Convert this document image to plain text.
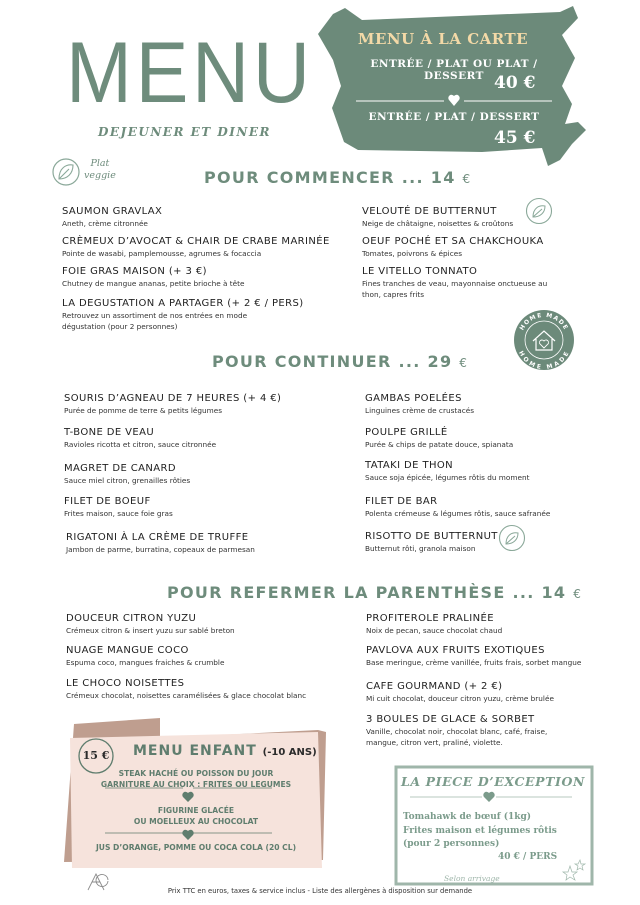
MENU
DEJEUNER ET DINER
MENU À LA CARTE
ENTRÉE / PLAT OU PLAT / DESSERT 40 €
ENTRÉE / PLAT / DESSERT
45 €
Plat
veggie
HOME MADE
HOME MADE
POUR COMMENCER ... 14 €
SAUMON GRAVLAX
Aneth, crème citronnée
CRÈMEUX D’AVOCAT & CHAIR DE CRABE MARINÉE
Pointe de wasabi, pamplemousse, agrumes & focaccia
FOIE GRAS MAISON (+ 3 €)
Chutney de mangue ananas, petite brioche à tête
LA DEGUSTATION A PARTAGER (+ 2 € / PERS)
Retrouvez un assortiment de nos entrées en mode
dégustation (pour 2 personnes)
VELOUTÉ DE BUTTERNUT
Neige de châtaigne, noisettes & croûtons
OEUF POCHÉ ET SA CHAKCHOUKA
Tomates, poivrons & épices
LE VITELLO TONNATO
Fines tranches de veau, mayonnaise onctueuse au
thon, capres frits
POUR CONTINUER ... 29 €
SOURIS D’AGNEAU DE 7 HEURES (+ 4 €)
Purée de pomme de terre & petits légumes
T-BONE DE VEAU
Ravioles ricotta et citron, sauce citronnée
MAGRET DE CANARD
Sauce miel citron, grenailles rôties
FILET DE BOEUF
Frites maison, sauce foie gras
RIGATONI À LA CRÈME DE TRUFFE
Jambon de parme, burratina, copeaux de parmesan
GAMBAS POELÉES
Linguines crème de crustacés
POULPE GRILLÉ
Purée & chips de patate douce, spianata
TATAKI DE THON
Sauce soja épicée, légumes rôtis du moment
FILET DE BAR
Polenta crémeuse & légumes rôtis, sauce safranée
RISOTTO DE BUTTERNUT
Butternut rôti, granola maison
POUR REFERMER LA PARENTHÈSE ... 14 €
DOUCEUR CITRON YUZU
Crémeux citron & insert yuzu sur sablé breton
NUAGE MANGUE COCO
Espuma coco, mangues fraiches & crumble
LE CHOCO NOISETTES
Crémeux chocolat, noisettes caramélisées & glace chocolat blanc
PROFITEROLE PRALINÉE
Noix de pecan, sauce chocolat chaud
PAVLOVA AUX FRUITS EXOTIQUES
Base meringue, crème vanillée, fruits frais, sorbet mangue
CAFE GOURMAND (+ 2 €)
Mi cuit chocolat, douceur citron yuzu, crème brulée
3 BOULES DE GLACE & SORBET
Vanille, chocolat noir, chocolat blanc, café, fraise,
mangue, citron vert, praliné, violette.
15 € MENU ENFANT (-10 ANS)
STEAK HACHÉ OU POISSON DU JOUR
GARNITURE AU CHOIX : FRITES OU LEGUMES
FIGURINE GLACÉE
OU MOELLEUX AU CHOCOLAT
JUS D’ORANGE, POMME OU COCA COLA (20 CL)
LA PIECE D’EXCEPTION
Tomahawk de bœuf (1kg)
Frites maison et légumes rôtis
(pour 2 personnes)
40 € / PERS
Selon arrivage
Prix TTC en euros, taxes & service inclus - Liste des allergènes à disposition sur demande
